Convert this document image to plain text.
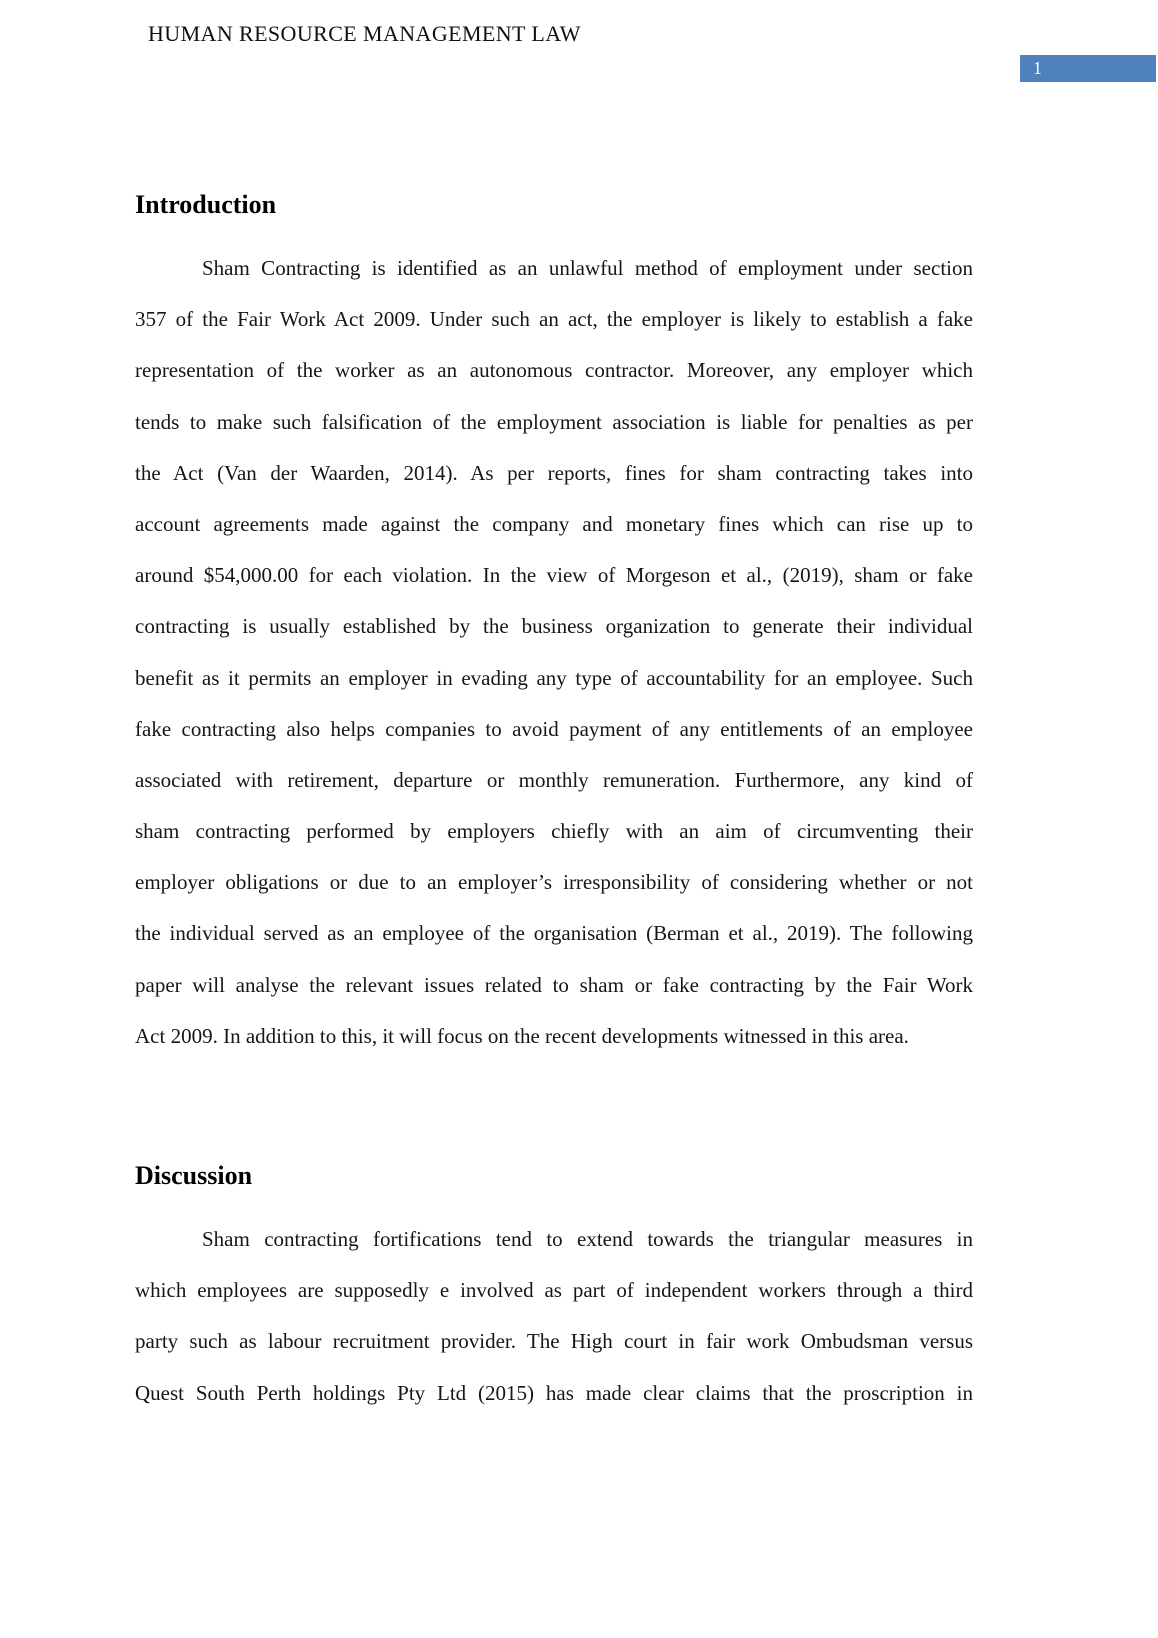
HUMAN RESOURCE MANAGEMENT LAW
1
Introduction
Sham Contracting is identified as an unlawful method of employment under section
357 of the Fair Work Act 2009. Under such an act, the employer is likely to establish a fake
representation of the worker as an autonomous contractor. Moreover, any employer which
tends to make such falsification of the employment association is liable for penalties as per
the Act (Van der Waarden, 2014). As per reports, fines for sham contracting takes into
account agreements made against the company and monetary fines which can rise up to
around $54,000.00 for each violation. In the view of Morgeson et al., (2019), sham or fake
contracting is usually established by the business organization to generate their individual
benefit as it permits an employer in evading any type of accountability for an employee. Such
fake contracting also helps companies to avoid payment of any entitlements of an employee
associated with retirement, departure or monthly remuneration. Furthermore, any kind of
sham contracting performed by employers chiefly with an aim of circumventing their
employer obligations or due to an employer’s irresponsibility of considering whether or not
the individual served as an employee of the organisation (Berman et al., 2019). The following
paper will analyse the relevant issues related to sham or fake contracting by the Fair Work
Act 2009. In addition to this, it will focus on the recent developments witnessed in this area.
Discussion
Sham contracting fortifications tend to extend towards the triangular measures in
which employees are supposedly e involved as part of independent workers through a third
party such as labour recruitment provider. The High court in fair work Ombudsman versus
Quest South Perth holdings Pty Ltd (2015) has made clear claims that the proscription in
